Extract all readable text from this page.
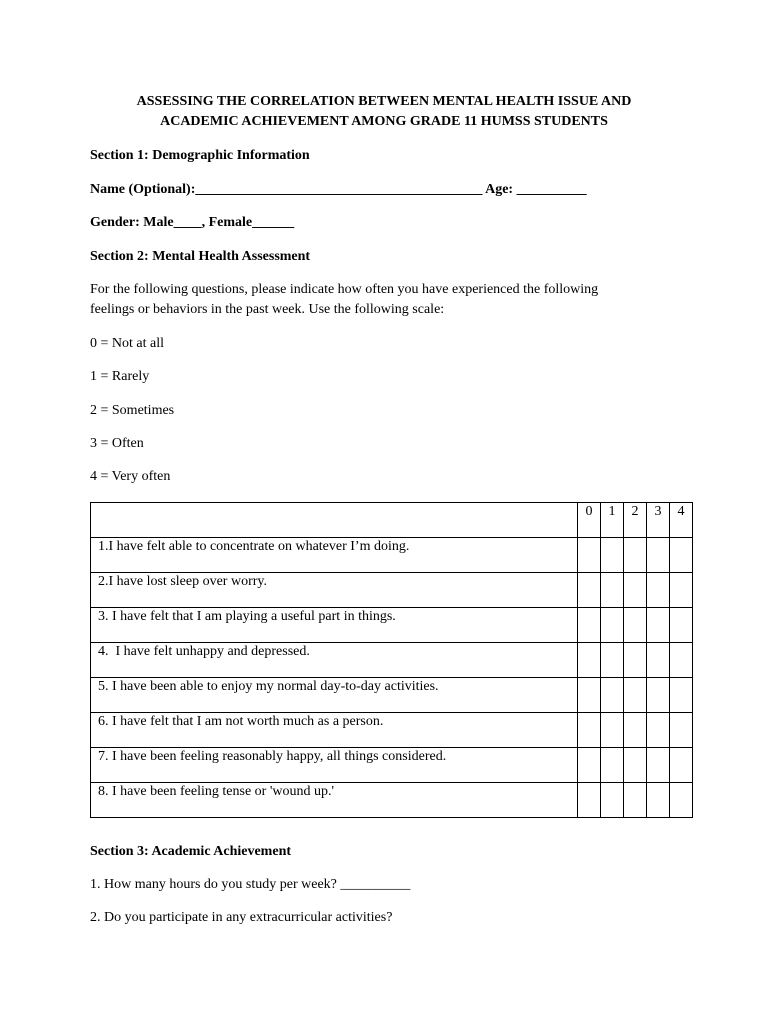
ASSESSING THE CORRELATION BETWEEN MENTAL HEALTH ISSUE AND
ACADEMIC ACHIEVEMENT AMONG GRADE 11 HUMSS STUDENTS

Section 1: Demographic Information

Name (Optional):_________________________________________ Age: __________

Gender: Male____, Female______

Section 2: Mental Health Assessment

For the following questions, please indicate how often you have experienced the following
feelings or behaviors in the past week. Use the following scale:

0 = Not at all

1 = Rarely

2 = Sometimes

3 = Often

4 = Very often

	0	1	2	3	4
1.I have felt able to concentrate on whatever I’m doing.					
2.I have lost sleep over worry.					
3. I have felt that I am playing a useful part in things.					
4.  I have felt unhappy and depressed.					
5. I have been able to enjoy my normal day-to-day activities.					
6. I have felt that I am not worth much as a person.					
7. I have been feeling reasonably happy, all things considered.					
8. I have been feeling tense or 'wound up.'					

Section 3: Academic Achievement

1. How many hours do you study per week? __________

2. Do you participate in any extracurricular activities?
